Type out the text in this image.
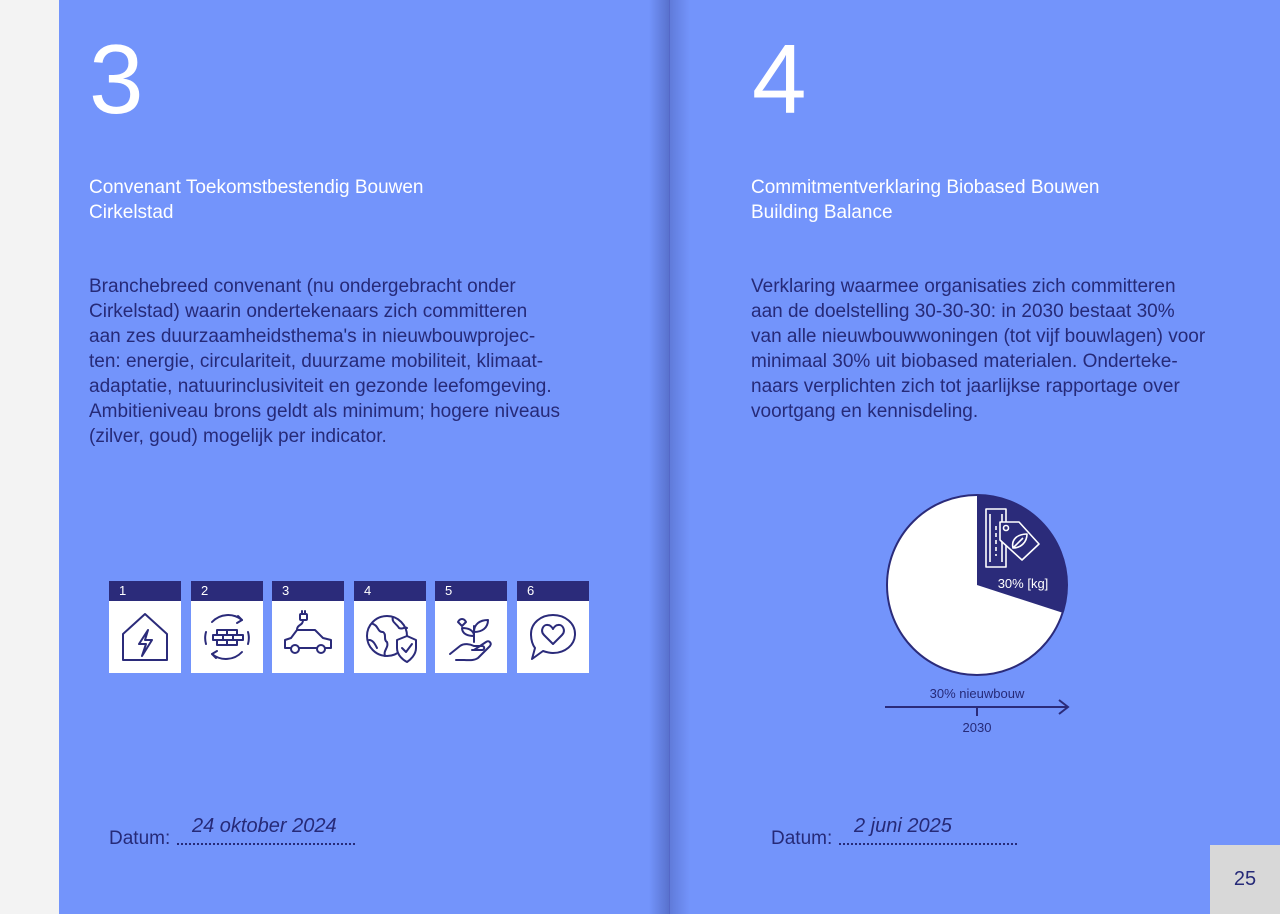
3
Convenant Toekomstbestendig Bouwen
Cirkelstad
Branchebreed convenant (nu ondergebracht onder
Cirkelstad) waarin ondertekenaars zich committeren
aan zes duurzaamheidsthema's in nieuwbouwprojec-
ten: energie, circulariteit, duurzame mobiliteit, klimaat-
adaptatie, natuurinclusiviteit en gezonde leefomgeving.
Ambitieniveau brons geldt als minimum; hogere niveaus
(zilver, goud) mogelijk per indicator.
1	2	3	4	5	6
Datum:
24 oktober 2024
4
Commitmentverklaring Biobased Bouwen
Building Balance
Verklaring waarmee organisaties zich committeren
aan de doelstelling 30-30-30: in 2030 bestaat 30%
van alle nieuwbouwwoningen (tot vijf bouwlagen) voor
minimaal 30% uit biobased materialen. Onderteke-
naars verplichten zich tot jaarlijkse rapportage over
voortgang en kennisdeling.
30% [kg]
30% nieuwbouw
2030
Datum:
2 juni 2025
25
